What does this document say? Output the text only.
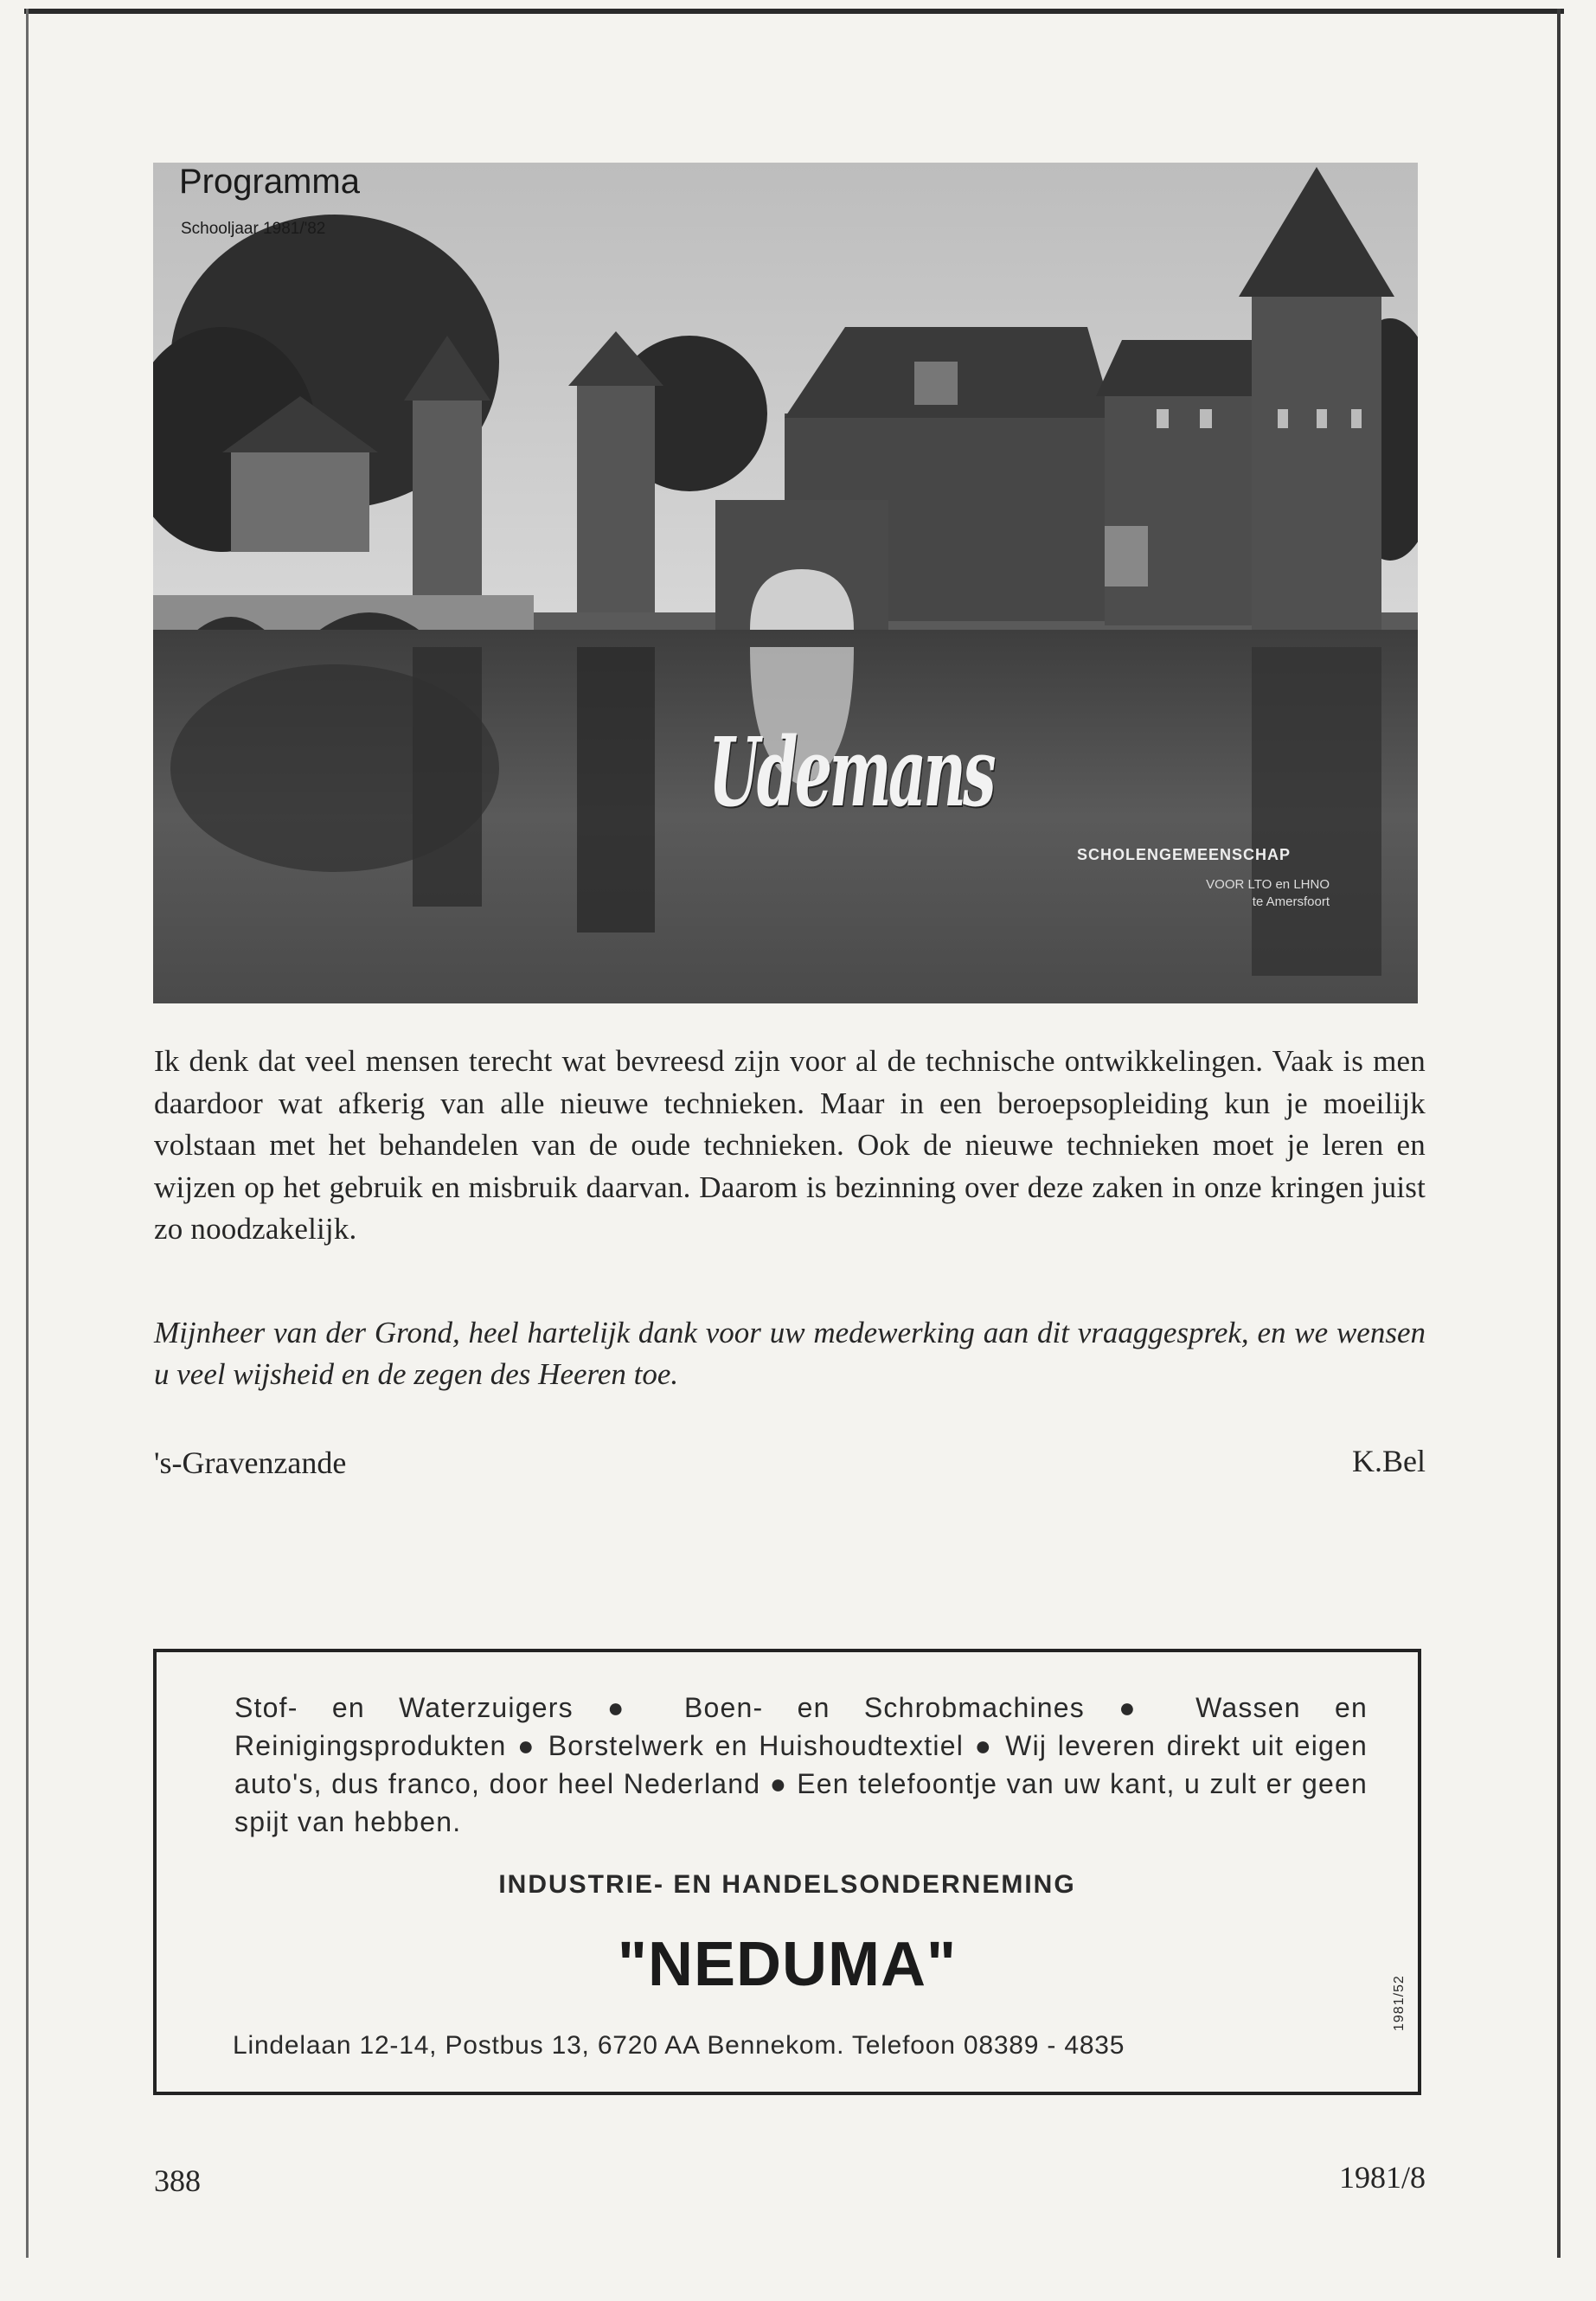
Programma
Schooljaar 1981/'82
Udemans
SCHOLENGEMEENSCHAP
VOOR LTO en LHNO
te Amersfoort
Ik denk dat veel mensen terecht wat bevreesd zijn voor al de technische ontwikkelingen. Vaak is men daardoor wat afkerig van alle nieuwe technieken. Maar in een beroepsopleiding kun je moeilijk volstaan met het behandelen van de oude technieken. Ook de nieuwe technieken moet je leren en wijzen op het gebruik en misbruik daarvan. Daarom is bezinning over deze zaken in onze kringen juist zo noodzakelijk.
Mijnheer van der Grond, heel hartelijk dank voor uw medewerking aan dit vraaggesprek, en we wensen u veel wijsheid en de zegen des Heeren toe.
's-Gravenzande	K.Bel
Stof- en Waterzuigers ● Boen- en Schrobmachines ● Wassen en Reinigingsprodukten ● Borstelwerk en Huishoudtextiel ● Wij leveren direkt uit eigen auto's, dus franco, door heel Nederland ● Een telefoontje van uw kant, u zult er geen spijt van hebben.
INDUSTRIE- EN HANDELSONDERNEMING
"NEDUMA"
Lindelaan 12-14, Postbus 13, 6720 AA Bennekom. Telefoon 08389 - 4835
1981/52
388	1981/8
